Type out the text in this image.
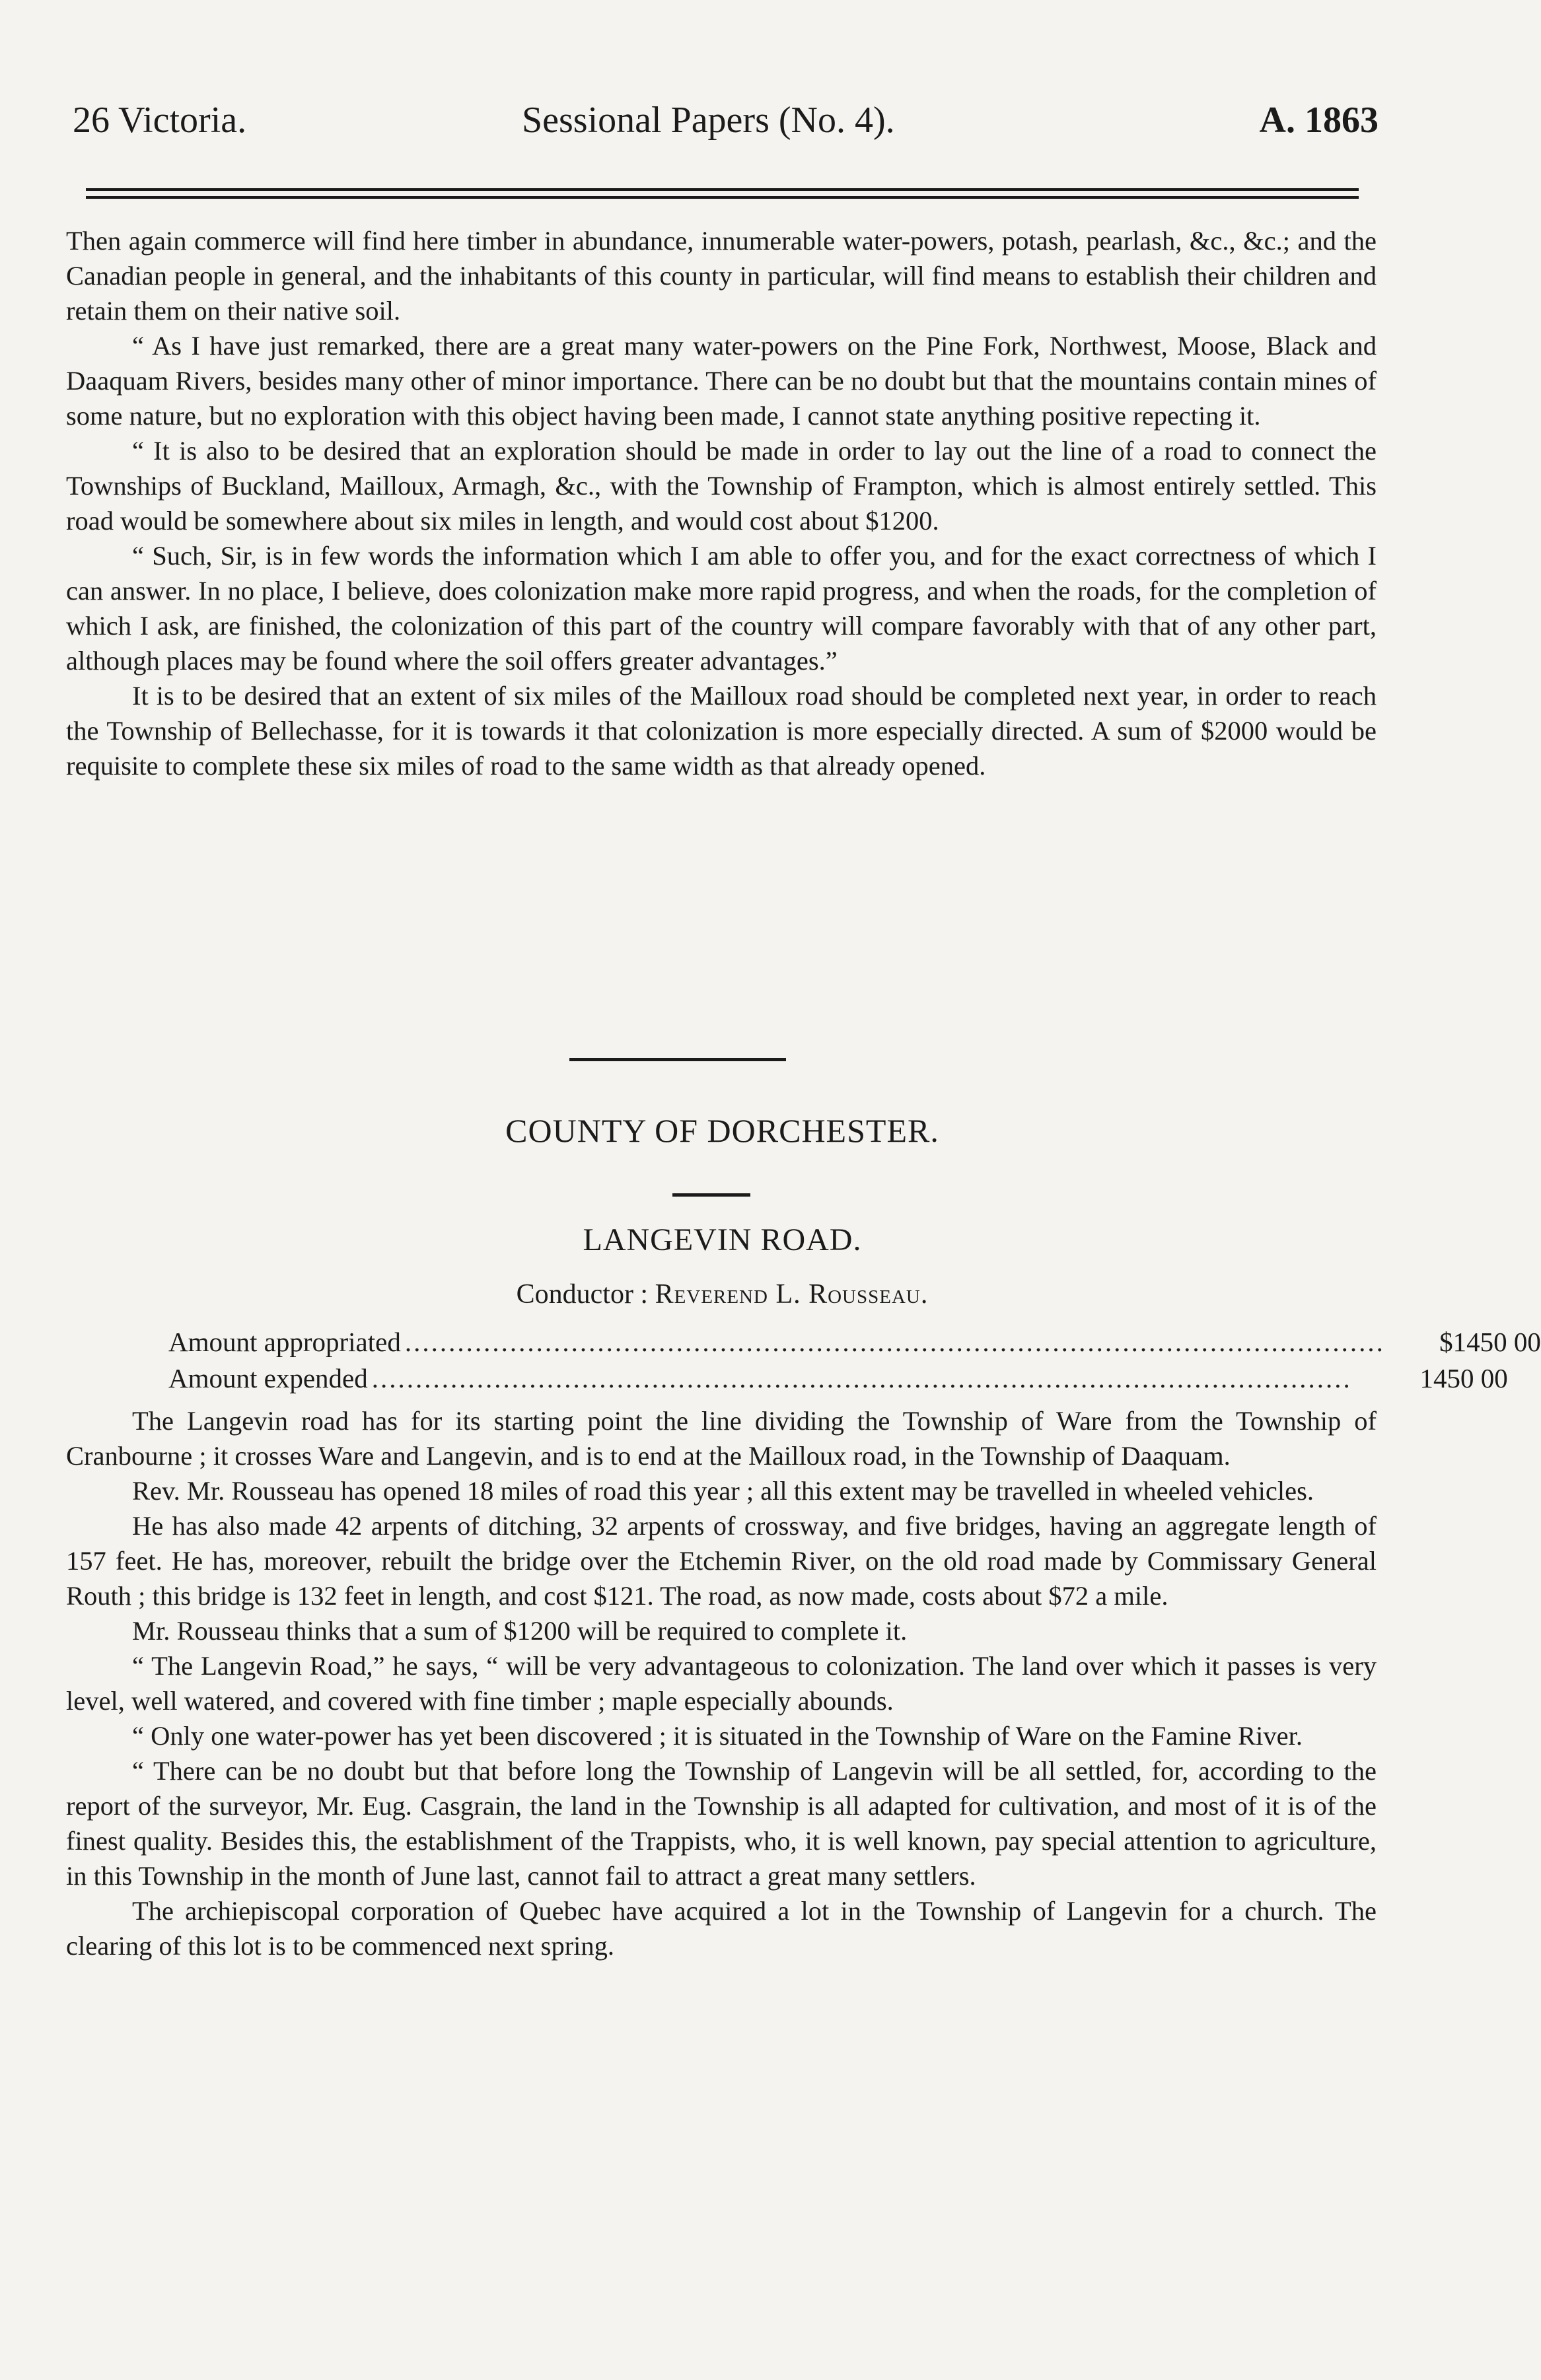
26 Victoria.	Sessional Papers (No. 4).	A. 1863

Then again commerce will find here timber in abundance, innumerable water-powers, potash, pearlash, &c., &c.; and the Canadian people in general, and the inhabitants of this county in particular, will find means to establish their children and retain them on their native soil.

“ As I have just remarked, there are a great many water-powers on the Pine Fork, Northwest, Moose, Black and Daaquam Rivers, besides many other of minor importance. There can be no doubt but that the mountains contain mines of some nature, but no exploration with this object having been made, I cannot state anything positive repecting it.

“ It is also to be desired that an exploration should be made in order to lay out the line of a road to connect the Townships of Buckland, Mailloux, Armagh, &c., with the Township of Frampton, which is almost entirely settled. This road would be somewhere about six miles in length, and would cost about $1200.

“ Such, Sir, is in few words the information which I am able to offer you, and for the exact correctness of which I can answer. In no place, I believe, does colonization make more rapid progress, and when the roads, for the completion of which I ask, are finished, the colonization of this part of the country will compare favorably with that of any other part, although places may be found where the soil offers greater advantages.”

It is to be desired that an extent of six miles of the Mailloux road should be completed next year, in order to reach the Township of Bellechasse, for it is towards it that colonization is more especially directed. A sum of $2000 would be requisite to complete these six miles of road to the same width as that already opened.

COUNTY OF DORCHESTER.
LANGEVIN ROAD.
Conductor : Reverend L. Rousseau.
Amount appropriated ................................................................................................................	$1450 00
Amount expended ................................................................................................................	1450 00

The Langevin road has for its starting point the line dividing the Township of Ware from the Township of Cranbourne ; it crosses Ware and Langevin, and is to end at the Mailloux road, in the Township of Daaquam.

Rev. Mr. Rousseau has opened 18 miles of road this year ; all this extent may be travelled in wheeled vehicles.

He has also made 42 arpents of ditching, 32 arpents of crossway, and five bridges, having an aggregate length of 157 feet. He has, moreover, rebuilt the bridge over the Etchemin River, on the old road made by Commissary General Routh ; this bridge is 132 feet in length, and cost $121. The road, as now made, costs about $72 a mile.

Mr. Rousseau thinks that a sum of $1200 will be required to complete it.

“ The Langevin Road,” he says, “ will be very advantageous to colonization. The land over which it passes is very level, well watered, and covered with fine timber ; maple especially abounds.

“ Only one water-power has yet been discovered ; it is situated in the Township of Ware on the Famine River.

“ There can be no doubt but that before long the Township of Langevin will be all settled, for, according to the report of the surveyor, Mr. Eug. Casgrain, the land in the Township is all adapted for cultivation, and most of it is of the finest quality. Besides this, the establishment of the Trappists, who, it is well known, pay special attention to agriculture, in this Township in the month of June last, cannot fail to attract a great many settlers.

The archiepiscopal corporation of Quebec have acquired a lot in the Township of Langevin for a church. The clearing of this lot is to be commenced next spring.
